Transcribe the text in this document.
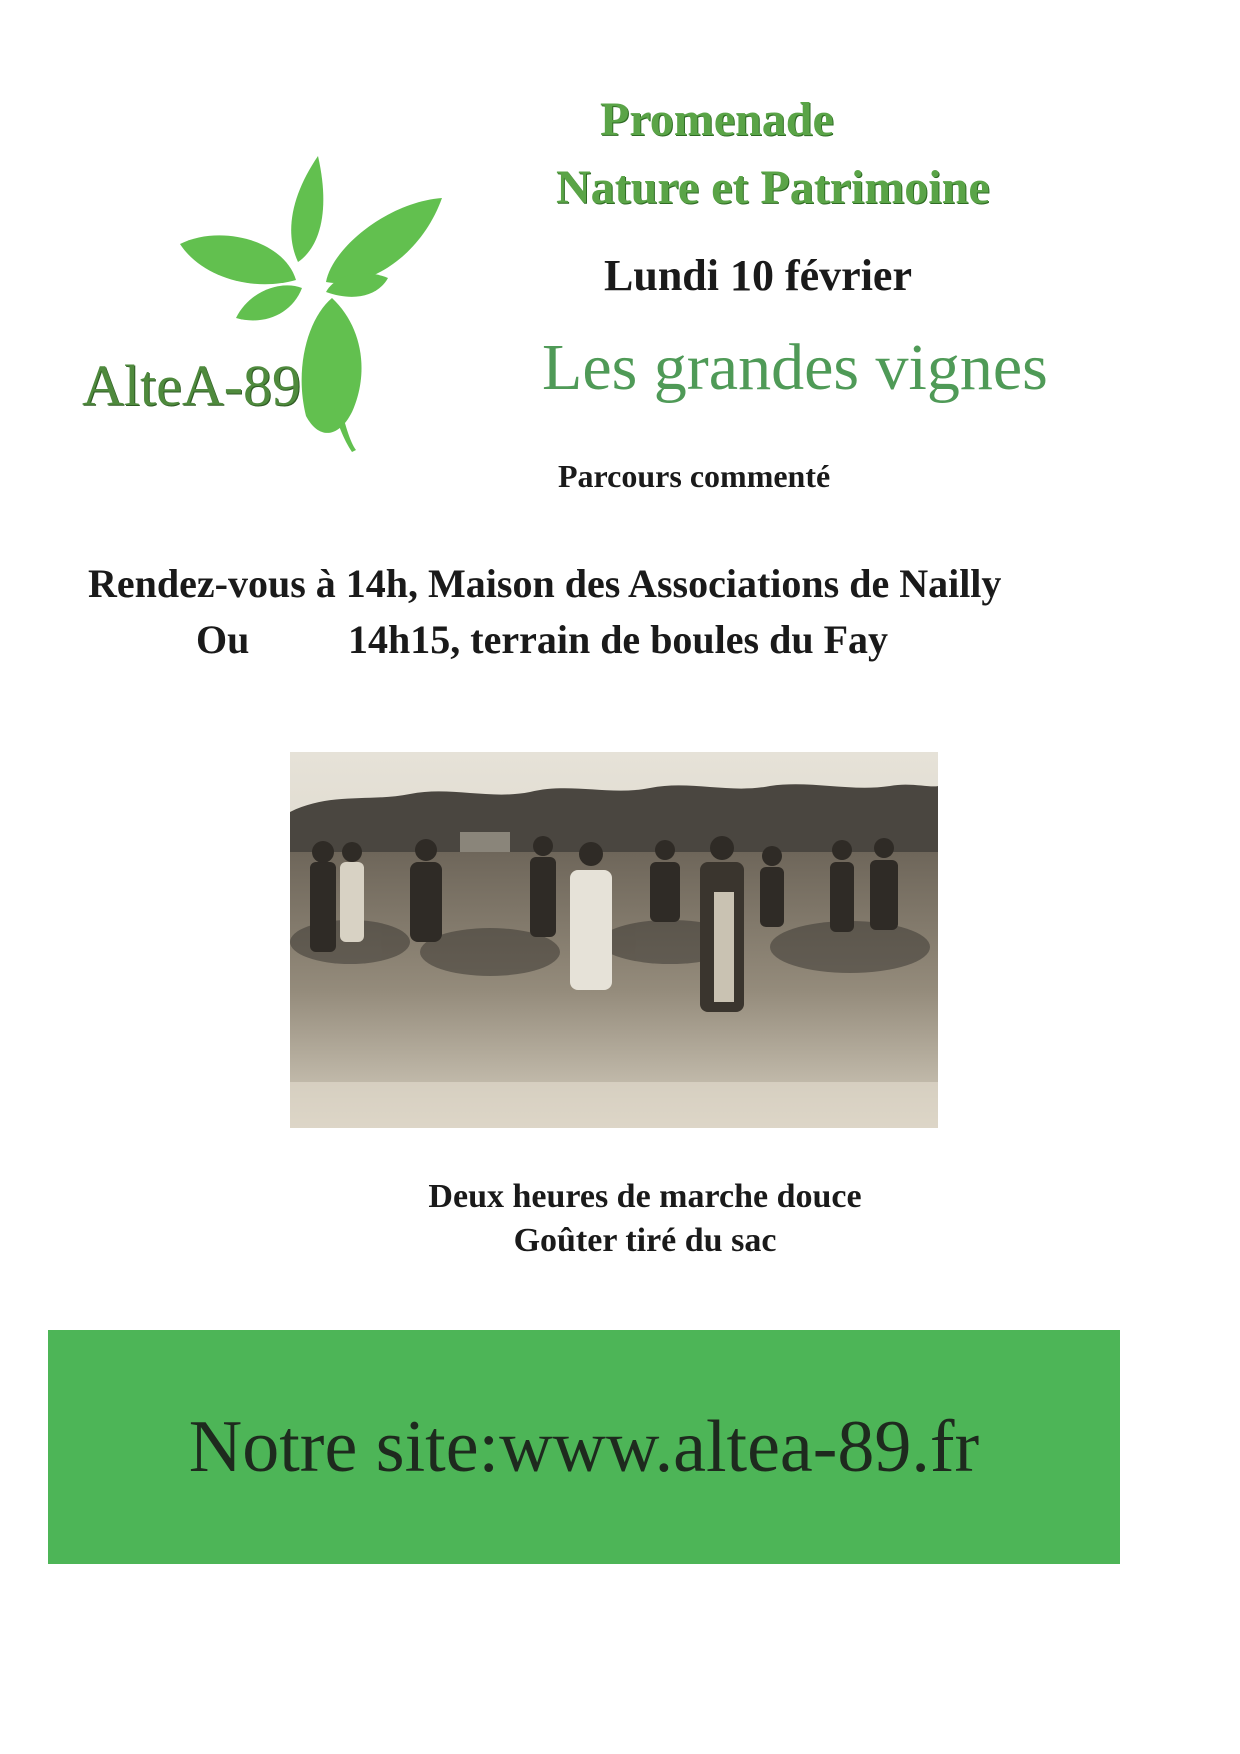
AlteA-89
Promenade
Nature et Patrimoine
Lundi 10 février
Les grandes vignes
Parcours commenté
Rendez-vous à 14h, Maison des Associations de Nailly
Ou 14h15, terrain de boules du Fay
Deux heures de marche douce
Goûter tiré du sac
Notre site:www.altea-89.fr
